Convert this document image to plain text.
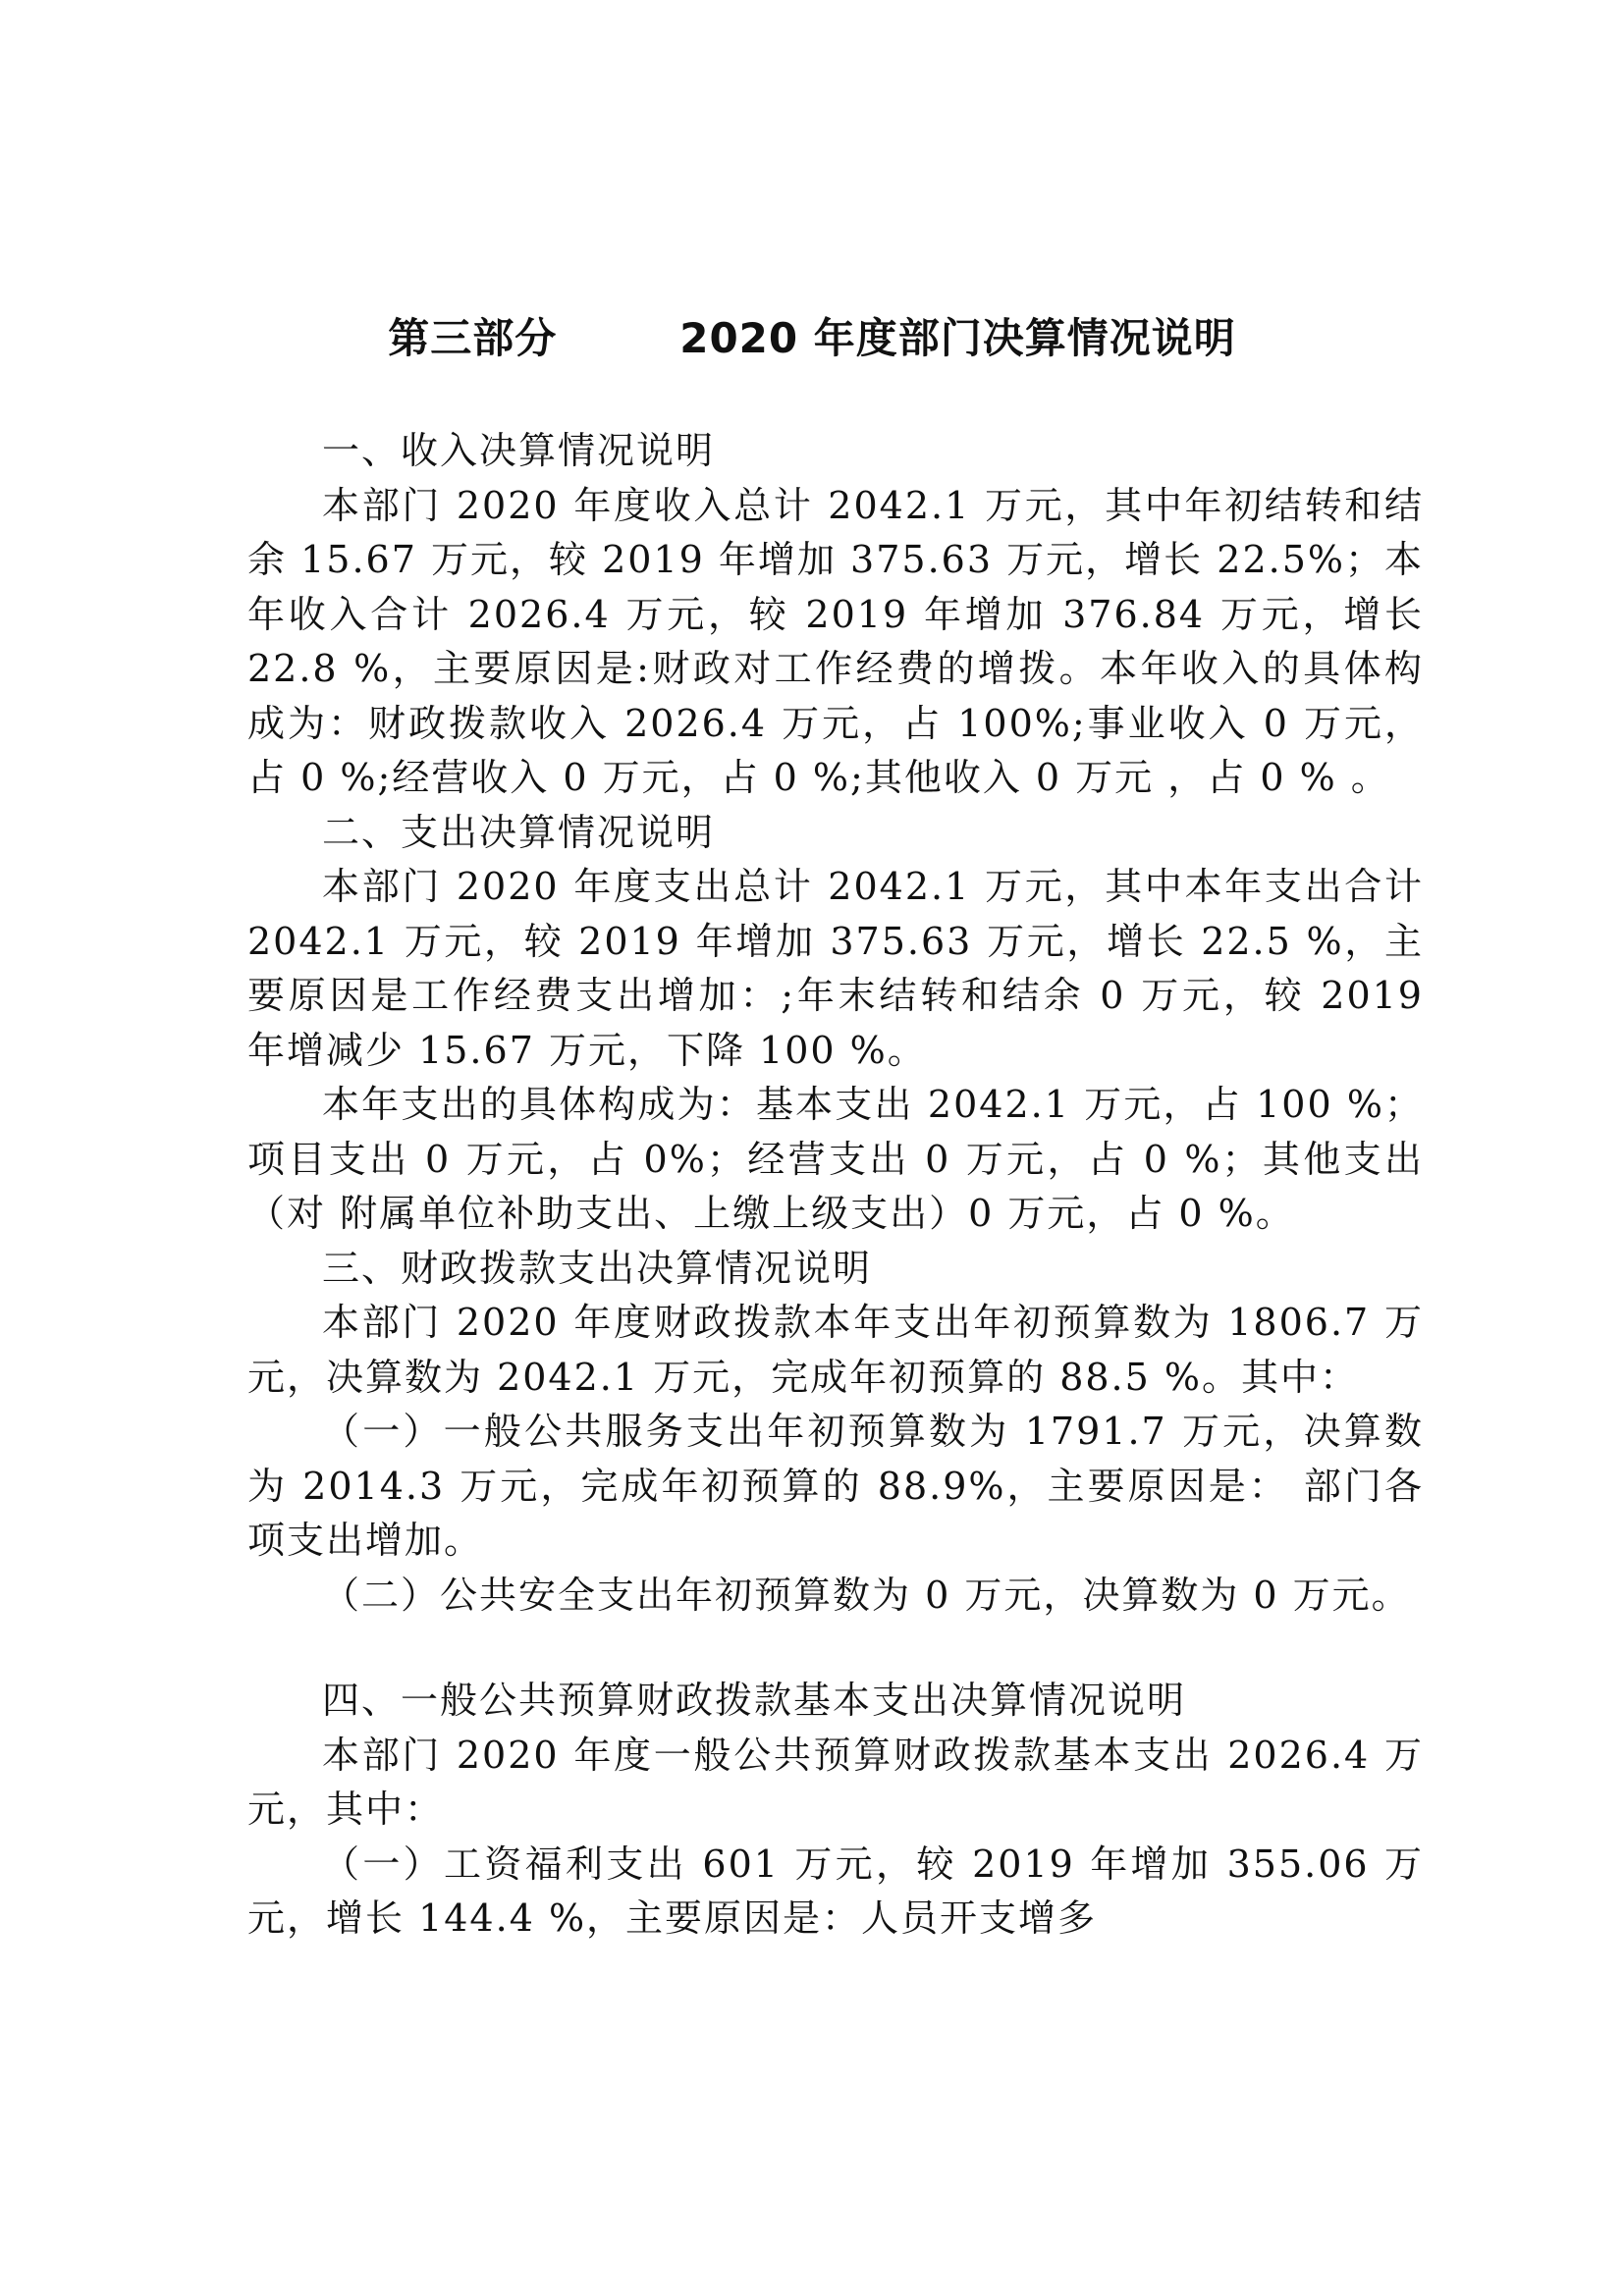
第三部分        2020 年度部门决算情况说明
一、收入决算情况说明

本部门 2020 年度收入总计 2042.1 万元，其中年初结转和结余 15.67 万元，较 2019 年增加 375.63 万元，增长 22.5%；本年收入合计 2026.4 万元，较 2019 年增加 376.84 万元，增长 22.8 %，主要原因是:财政对工作经费的增拨。本年收入的具体构成为：财政拨款收入 2026.4 万元，占 100%;事业收入 0 万元，占 0 %;经营收入 0 万元，占 0 %;其他收入 0 万元 ，占 0 % 。

二、支出决算情况说明

本部门 2020 年度支出总计 2042.1 万元，其中本年支出合计 2042.1 万元，较 2019 年增加 375.63 万元，增长 22.5 %，主要原因是工作经费支出增加：;年末结转和结余 0 万元，较 2019 年增减少 15.67 万元，下降 100 %。

本年支出的具体构成为：基本支出 2042.1 万元，占 100 %；项目支出 0 万元，占 0%；经营支出 0 万元，占 0 %；其他支出（对 附属单位补助支出、上缴上级支出）0 万元，占 0 %。

三、财政拨款支出决算情况说明

本部门 2020 年度财政拨款本年支出年初预算数为 1806.7 万元，决算数为 2042.1 万元，完成年初预算的 88.5 %。其中：

（一）一般公共服务支出年初预算数为 1791.7 万元，决算数为 2014.3 万元，完成年初预算的 88.9%，主要原因是： 部门各项支出增加。

（二）公共安全支出年初预算数为 0 万元，决算数为 0 万元。

四、一般公共预算财政拨款基本支出决算情况说明

本部门 2020 年度一般公共预算财政拨款基本支出 2026.4 万元，其中：

（一）工资福利支出 601 万元，较 2019 年增加 355.06 万元，增长 144.4 %，主要原因是：人员开支增多
